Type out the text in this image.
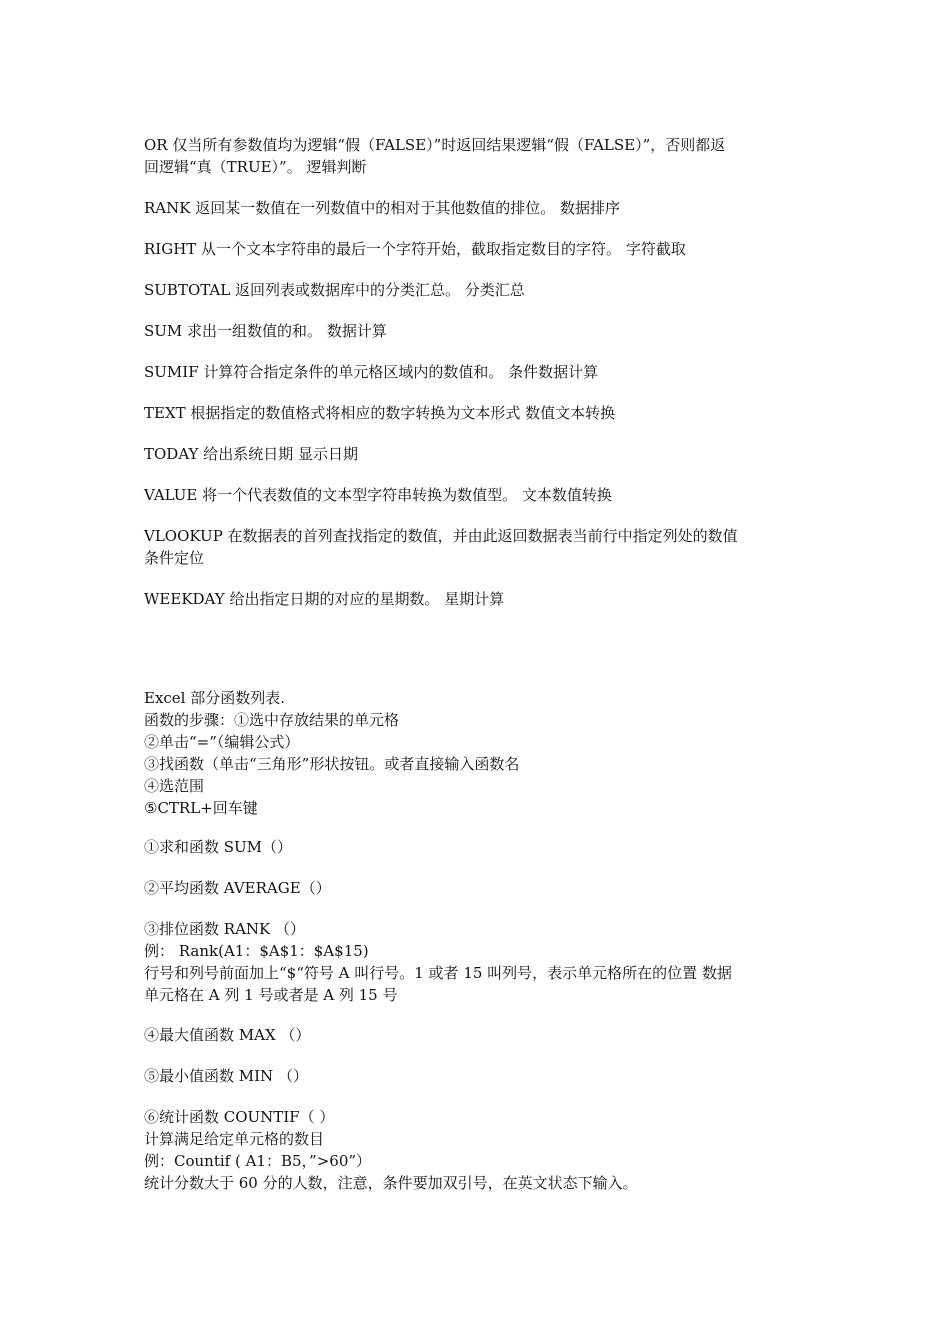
OR 仅当所有参数值均为逻辑“假（FALSE）”时返回结果逻辑“假（FALSE）”，否则都返
回逻辑“真（TRUE）”。 逻辑判断

RANK 返回某一数值在一列数值中的相对于其他数值的排位。 数据排序

RIGHT 从一个文本字符串的最后一个字符开始，截取指定数目的字符。 字符截取

SUBTOTAL 返回列表或数据库中的分类汇总。 分类汇总

SUM 求出一组数值的和。 数据计算

SUMIF 计算符合指定条件的单元格区域内的数值和。 条件数据计算

TEXT 根据指定的数值格式将相应的数字转换为文本形式 数值文本转换

TODAY 给出系统日期 显示日期

VALUE 将一个代表数值的文本型字符串转换为数值型。 文本数值转换

VLOOKUP 在数据表的首列查找指定的数值，并由此返回数据表当前行中指定列处的数值
条件定位

WEEKDAY 给出指定日期的对应的星期数。 星期计算

Excel 部分函数列表.
函数的步骤：①选中存放结果的单元格
②单击“=”（编辑公式）
③找函数（单击“三角形”形状按钮。或者直接输入函数名
④选范围
⑤CTRL+回车键

①求和函数 SUM（）

②平均函数 AVERAGE（）

③排位函数 RANK （）
例： Rank(A1：$A$1：$A$15)
行号和列号前面加上“$“符号 A 叫行号。1 或者 15 叫列号，表示单元格所在的位置 数据
单元格在 A 列 1 号或者是 A 列 15 号

④最大值函数 MAX （）

⑤最小值函数 MIN （）

⑥统计函数 COUNTIF（ ）
计算满足给定单元格的数目
例：Countif ( A1：B5，”>60”）
统计分数大于 60 分的人数，注意，条件要加双引号，在英文状态下输入。
